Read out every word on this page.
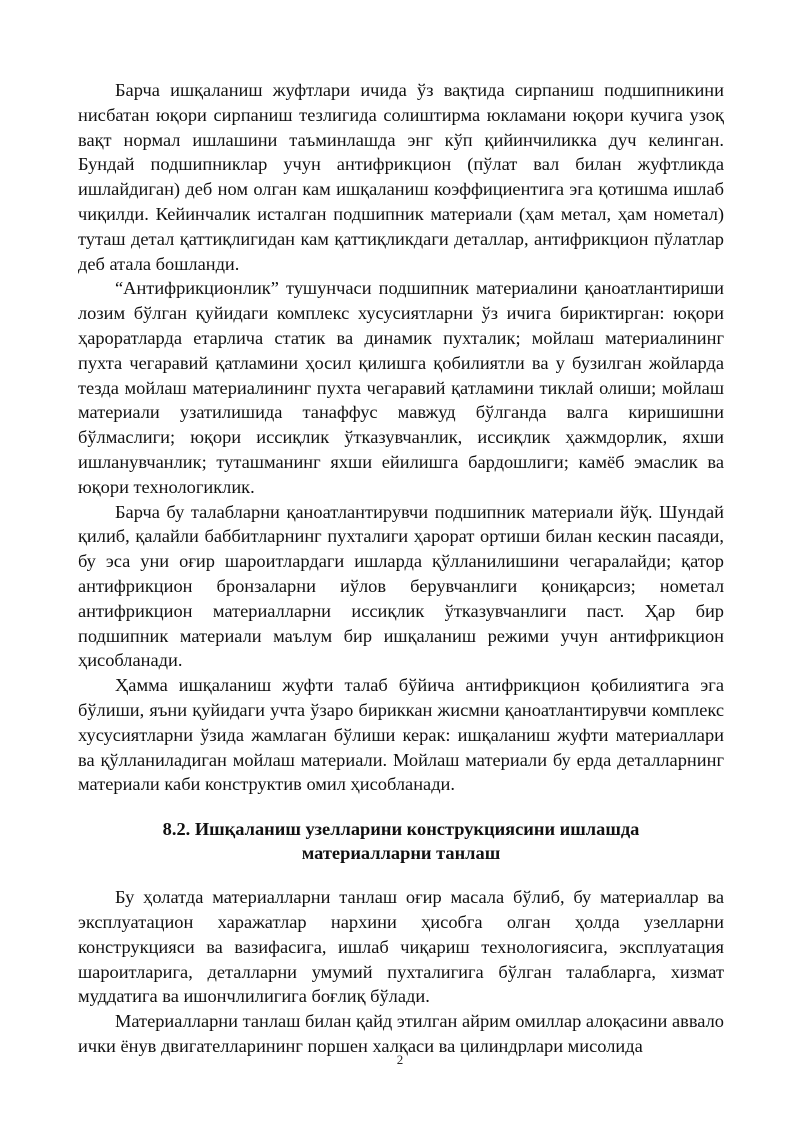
Барча ишқаланиш жуфтлари ичида ўз вақтида сирпаниш подшипникини нисбатан юқори сирпаниш тезлигида солиштирма юкламани юқори кучига узоқ вақт нормал ишлашини таъминлашда энг кўп қийинчиликка дуч келинган. Бундай подшипниклар учун антифрикцион (пўлат вал билан жуфтликда ишлайдиган) деб ном олган кам ишқаланиш коэффициентига эга қотишма ишлаб чиқилди. Кейинчалик исталган подшипник материали (ҳам метал, ҳам нометал) туташ детал қаттиқлигидан кам қаттиқликдаги деталлар, антифрикцион пўлатлар деб атала бошланди.

“Антифрикционлик” тушунчаси подшипник материалини қаноатлантириши лозим бўлган қуйидаги комплекс хусусиятларни ўз ичига бириктирган: юқори ҳароратларда етарлича статик ва динамик пухталик; мойлаш материалининг пухта чегаравий қатламини ҳосил қилишга қобилиятли ва у бузилган жойларда тезда мойлаш материалининг пухта чегаравий қатламини тиклай олиши; мойлаш материали узатилишида танаффус мавжуд бўлганда валга киришишни бўлмаслиги; юқори иссиқлик ўтказувчанлик, иссиқлик ҳажмдорлик, яхши ишланувчанлик; туташманинг яхши ейилишга бардошлиги; камёб эмаслик ва юқори технологиклик.

Барча бу талабларни қаноатлантирувчи подшипник материали йўқ. Шундай қилиб, қалайли баббитларнинг пухталиги ҳарорат ортиши билан кескин пасаяди, бу эса уни оғир шароитлардаги ишларда қўлланилишини чегаралайди; қатор антифрикцион бронзаларни иўлов берувчанлиги қониқарсиз; нометал антифрикцион материалларни иссиқлик ўтказувчанлиги паст. Ҳар бир подшипник материали маълум бир ишқаланиш режими учун антифрикцион ҳисобланади.

Ҳамма ишқаланиш жуфти талаб бўйича антифрикцион қобилиятига эга бўлиши, яъни қуйидаги учта ўзаро бириккан жисмни қаноатлантирувчи комплекс хусусиятларни ўзида жамлаган бўлиши керак: ишқаланиш жуфти материаллари ва қўлланиладиган мойлаш материали. Мойлаш материали бу ерда деталларнинг материали каби конструктив омил ҳисобланади.

8.2. Ишқаланиш узелларини конструкциясини ишлашда
материалларни танлаш

Бу ҳолатда материалларни танлаш оғир масала бўлиб, бу материаллар ва эксплуатацион харажатлар нархини ҳисобга олган ҳолда узелларни конструкцияси ва вазифасига, ишлаб чиқариш технологиясига, эксплуатация шароитларига, деталларни умумий пухталигига бўлган талабларга, хизмат муддатига ва ишончлилигига боғлиқ бўлади.

Материалларни танлаш билан қайд этилган айрим омиллар алоқасини аввало ички ёнув двигателларининг поршен халқаси ва цилиндрлари мисолида

2
